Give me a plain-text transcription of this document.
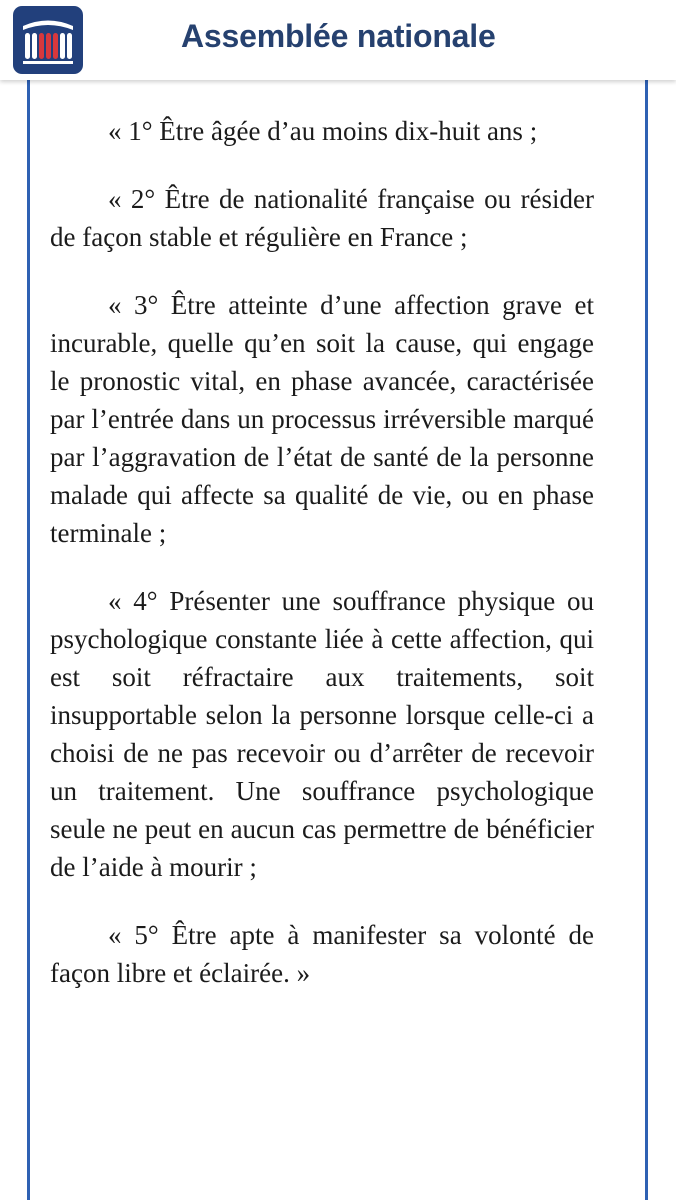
Assemblée nationale

« 1° Être âgée d’au moins dix-huit ans ;

« 2° Être de nationalité française ou résider de façon stable et régulière en France ;

« 3° Être atteinte d’une affection grave et incurable, quelle qu’en soit la cause, qui engage le pronostic vital, en phase avancée, caractérisée par l’entrée dans un processus irréversible marqué par l’aggravation de l’état de santé de la personne malade qui affecte sa qualité de vie, ou en phase terminale ;

« 4° Présenter une souffrance physique ou psychologique constante liée à cette affection, qui est soit réfractaire aux traitements, soit insupportable selon la personne lorsque celle-ci a choisi de ne pas recevoir ou d’arrêter de recevoir un traitement. Une souffrance psychologique seule ne peut en aucun cas permettre de bénéficier de l’aide à mourir ;

« 5° Être apte à manifester sa volonté de façon libre et éclairée. »
